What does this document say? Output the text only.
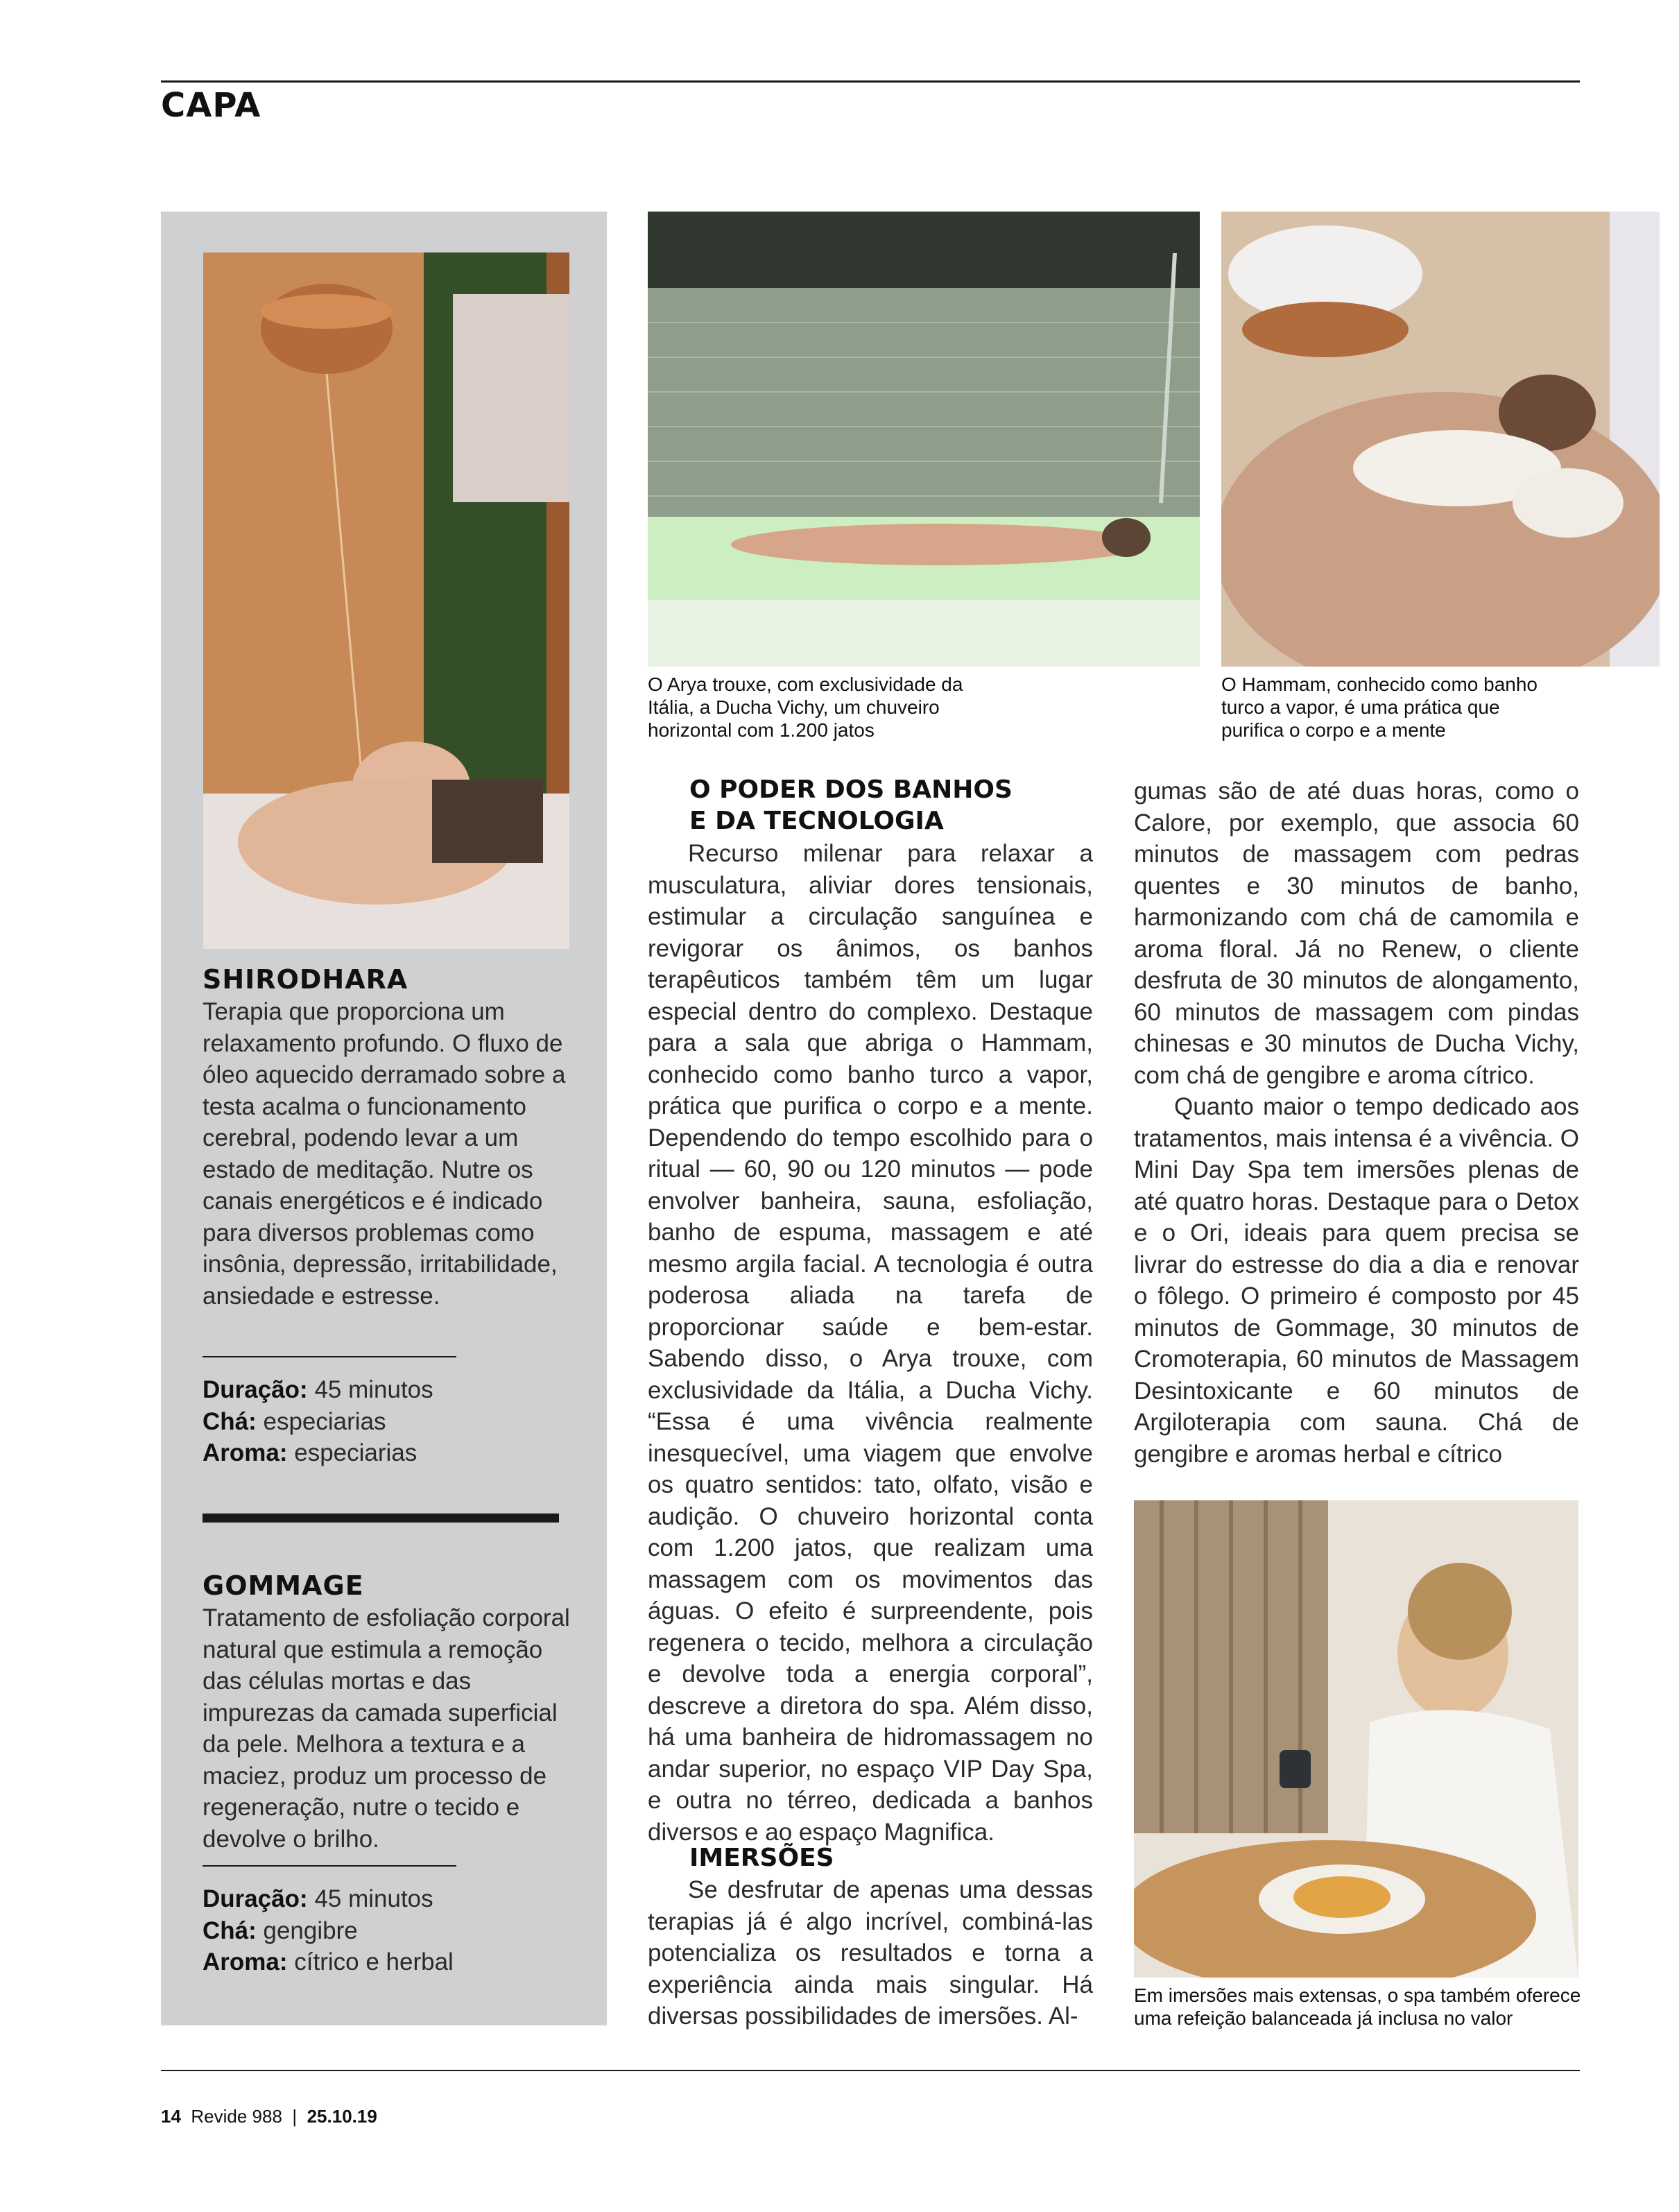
CAPA
SHIRODHARA
Terapia que proporciona um relaxamento profundo. O fluxo de óleo aquecido derramado sobre a testa acalma o funcionamento cerebral, podendo levar a um estado de meditação. Nutre os canais energéticos e é indicado para diversos problemas como insônia, depressão, irritabilidade, ansiedade e estresse.
Duração: 45 minutos
Chá: especiarias
Aroma: especiarias
GOMMAGE
Tratamento de esfoliação corporal natural que estimula a remoção das células mortas e das impurezas da camada superficial da pele. Melhora a textura e a maciez, produz um processo de regeneração, nutre o tecido e devolve o brilho.
Duração: 45 minutos
Chá: gengibre
Aroma: cítrico e herbal
O Arya trouxe, com exclusividade da Itália, a Ducha Vichy, um chuveiro horizontal com 1.200 jatos
O Hammam, conhecido como banho turco a vapor, é uma prática que purifica o corpo e a mente
O PODER DOS BANHOS
E DA TECNOLOGIA
Recurso milenar para relaxar a musculatura, aliviar dores tensionais, estimular a circulação sanguínea e revigorar os ânimos, os banhos terapêuticos também têm um lugar especial dentro do complexo. Destaque para a sala que abriga o Hammam, conhecido como banho turco a vapor, prática que purifica o corpo e a mente. Dependendo do tempo escolhido para o ritual — 60, 90 ou 120 minutos — pode envolver banheira, sauna, esfoliação, banho de espuma, massagem e até mesmo argila facial. A tecnologia é outra poderosa aliada na tarefa de proporcionar saúde e bem-estar. Sabendo disso, o Arya trouxe, com exclusividade da Itália, a Ducha Vichy. “Essa é uma vivência realmente inesquecível, uma viagem que envolve os quatro sentidos: tato, olfato, visão e audição. O chuveiro horizontal conta com 1.200 jatos, que realizam uma massagem com os movimentos das águas. O efeito é surpreendente, pois regenera o tecido, melhora a circulação e devolve toda a energia corporal”, descreve a diretora do spa. Além disso, há uma banheira de hidromassagem no andar superior, no espaço VIP Day Spa, e outra no térreo, dedicada a banhos diversos e ao espaço Magnifica.
IMERSÕES
Se desfrutar de apenas uma dessas terapias já é algo incrível, combiná-las potencializa os resultados e torna a experiência ainda mais singular. Há diversas possibilidades de imersões. Al-
gumas são de até duas horas, como o Calore, por exemplo, que associa 60 minutos de massagem com pedras quentes e 30 minutos de banho, harmonizando com chá de camomila e aroma floral. Já no Renew, o cliente desfruta de 30 minutos de alongamento, 60 minutos de massagem com pindas chinesas e 30 minutos de Ducha Vichy, com chá de gengibre e aroma cítrico.
Quanto maior o tempo dedicado aos tratamentos, mais intensa é a vivência. O Mini Day Spa tem imersões plenas de até quatro horas. Destaque para o Detox e o Ori, ideais para quem precisa se livrar do estresse do dia a dia e renovar o fôlego. O primeiro é composto por 45 minutos de Gommage, 30 minutos de Cromoterapia, 60 minutos de Massagem Desintoxicante e 60 minutos de Argiloterapia com sauna. Chá de gengibre e aromas herbal e cítrico
Em imersões mais extensas, o spa também oferece uma refeição balanceada já inclusa no valor
14 Revide 988 | 25.10.19
